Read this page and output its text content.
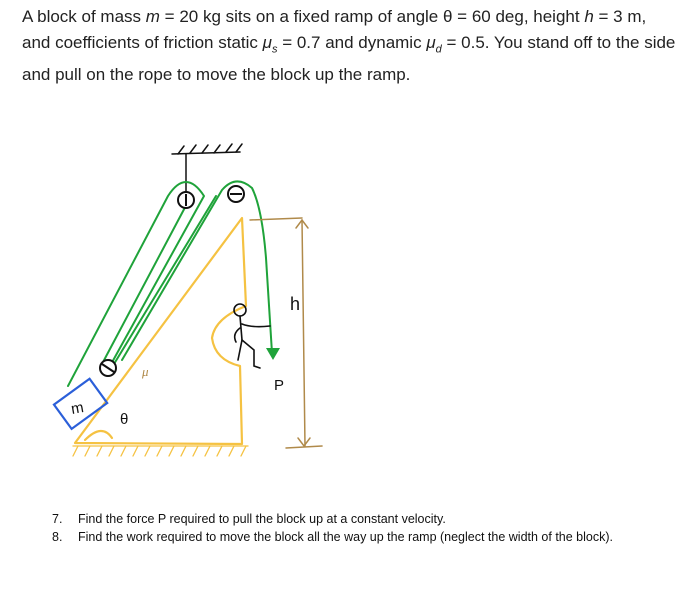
A block of mass m = 20 kg sits on a fixed ramp of angle θ = 60 deg, height h = 3 m, and coefficients of friction static $\mu_s = 0.7$ and dynamic $\mu_d = 0.5$. You stand off to the side and pull on the rope to move the block up the ramp.

m
θ
μ
h
P
7. Find the force P required to pull the block up at a constant velocity.
8. Find the work required to move the block all the way up the ramp (neglect the width of the block).
